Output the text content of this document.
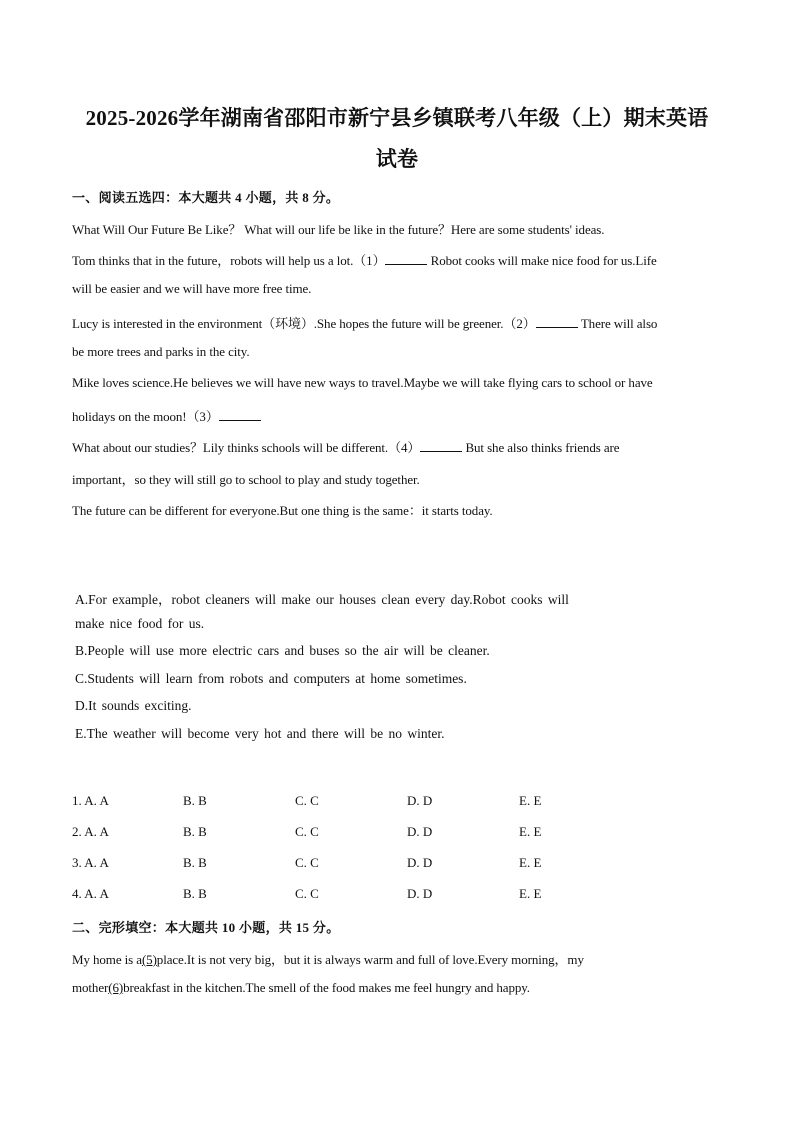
2025-2026学年湖南省邵阳市新宁县乡镇联考八年级（上）期末英语
试卷
一、阅读五选四：本大题共 4 小题，共 8 分。
What Will Our Future Be Like？ What will our life be like in the future？Here are some students' ideas.
Tom thinks that in the future，robots will help us a lot.（1）	Robot cooks will make nice food for us.Life
will be easier and we will have more free time.
Lucy is interested in the environment（环境）.She hopes the future will be greener.（2）	There will also
be more trees and parks in the city.
Mike loves science.He believes we will have new ways to travel.Maybe we will take flying cars to school or have
holidays on the moon!（3）
What about our studies？Lily thinks schools will be different.（4）	But she also thinks friends are
important，so they will still go to school to play and study together.
The future can be different for everyone.But one thing is the same：it starts today.
A.For example，robot cleaners will make our houses clean every day.Robot cooks will
make nice food for us.
B.People will use more electric cars and buses so the air will be cleaner.
C.Students will learn from robots and computers at home sometimes.
D.It sounds exciting.
E.The weather will become very hot and there will be no winter.
1. A. A	B. B	C. C	D. D	E. E
2. A. A	B. B	C. C	D. D	E. E
3. A. A	B. B	C. C	D. D	E. E
4. A. A	B. B	C. C	D. D	E. E
二、完形填空：本大题共 10 小题，共 15 分。
My home is a(5)place.It is not very big，but it is always warm and full of love.Every morning，my
mother(6)breakfast in the kitchen.The smell of the food makes me feel hungry and happy.
